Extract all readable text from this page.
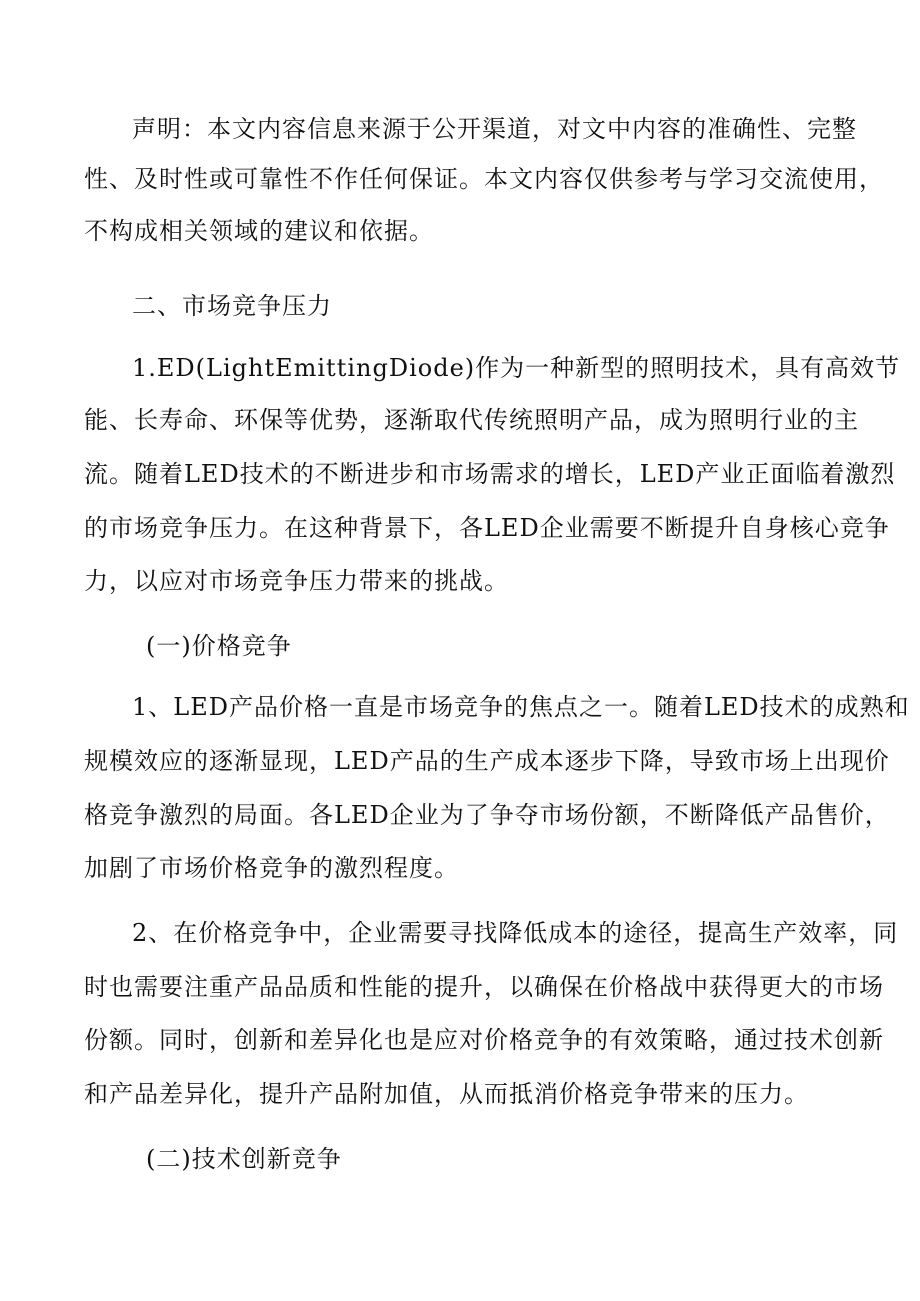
声明：本文内容信息来源于公开渠道，对文中内容的准确性、完整
性、及时性或可靠性不作任何保证。本文内容仅供参考与学习交流使用，
不构成相关领域的建议和依据。
二、市场竞争压力
1.ED(LightEmittingDiode)作为一种新型的照明技术，具有高效节
能、长寿命、环保等优势，逐渐取代传统照明产品，成为照明行业的主
流。随着LED技术的不断进步和市场需求的增长，LED产业正面临着激烈
的市场竞争压力。在这种背景下，各LED企业需要不断提升自身核心竞争
力，以应对市场竞争压力带来的挑战。
(一)价格竞争
1、LED产品价格一直是市场竞争的焦点之一。随着LED技术的成熟和
规模效应的逐渐显现，LED产品的生产成本逐步下降，导致市场上出现价
格竞争激烈的局面。各LED企业为了争夺市场份额，不断降低产品售价，
加剧了市场价格竞争的激烈程度。
2、在价格竞争中，企业需要寻找降低成本的途径，提高生产效率，同
时也需要注重产品品质和性能的提升，以确保在价格战中获得更大的市场
份额。同时，创新和差异化也是应对价格竞争的有效策略，通过技术创新
和产品差异化，提升产品附加值，从而抵消价格竞争带来的压力。
(二)技术创新竞争
